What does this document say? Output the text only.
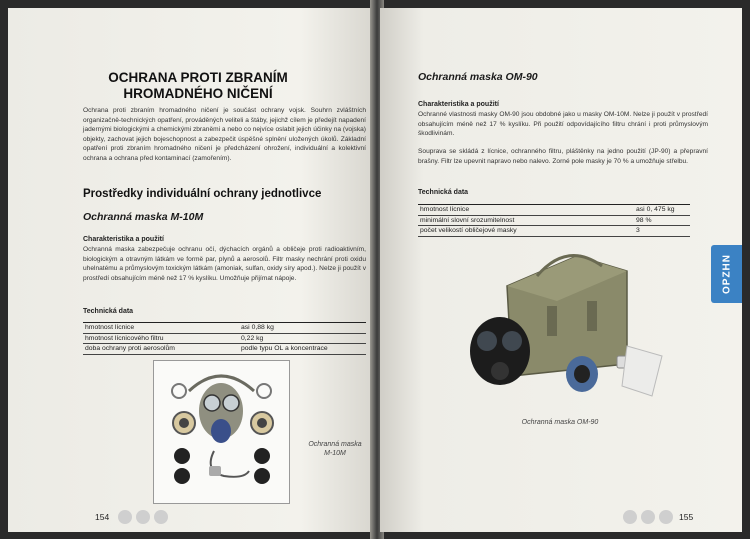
OCHRANA PROTI ZBRANÍM
HROMADNÉHO NIČENÍ
Ochrana proti zbraním hromadného ničení je součást ochrany vojsk. Souhrn zvláštních organizačně-technických opatření, prováděných veliteli a štáby, jejichž cílem je předejít napadení jadernými biologickými a chemickými zbraněmi a nebo co nejvíce oslabit jejich účinky na (vojska) objekty, zachovat jejich bojeschopnost a zabezpečit úspěšné splnění uložených úkolů. Základní opatření proti zbraním hromadného ničení je předcházení ohrožení, individuální a kolektivní ochrana a ochrana před kontaminací (zamořením).
Prostředky individuální ochrany jednotlivce
Ochranná maska M-10M
Charakteristika a použití
Ochranná maska zabezpečuje ochranu očí, dýchacích orgánů a obličeje proti radioaktivním, biologickým a otravným látkám ve formě par, plynů a aerosolů. Filtr masky nechrání proti oxidu uhelnatému a průmyslovým toxickým látkám (amoniak, sulfan, oxidy síry apod.). Nelze ji použít v prostředí obsahujícím méně než 17 % kyslíku. Umožňuje přijímat nápoje.
Technická data
hmotnost lícnice	asi 0,88 kg
hmotnost lícnicového filtru	0,22 kg
doba ochrany proti aerosolům	podle typu OL a koncentrace
Ochranná maska
M-10M
154
Ochranná maska OM-90
Charakteristika a použití
Ochranné vlastnosti masky OM-90 jsou obdobné jako u masky OM-10M. Nelze ji použít v prostředí obsahujícím méně než 17 % kyslíku. Při použití odpovídajícího filtru chrání i proti průmyslovým škodlivinám.
Souprava se skládá z lícnice, ochranného filtru, pláštěnky na jedno použití (JP-90) a přepravní brašny. Filtr lze upevnit napravo nebo nalevo. Zorné pole masky je 70 % a umožňuje střelbu.
Technická data
hmotnost lícnice	asi 0, 475 kg
minimální slovní srozumitelnost	98 %
počet velikostí obličejové masky	3
Ochranná maska OM-90
155
OPZHN
